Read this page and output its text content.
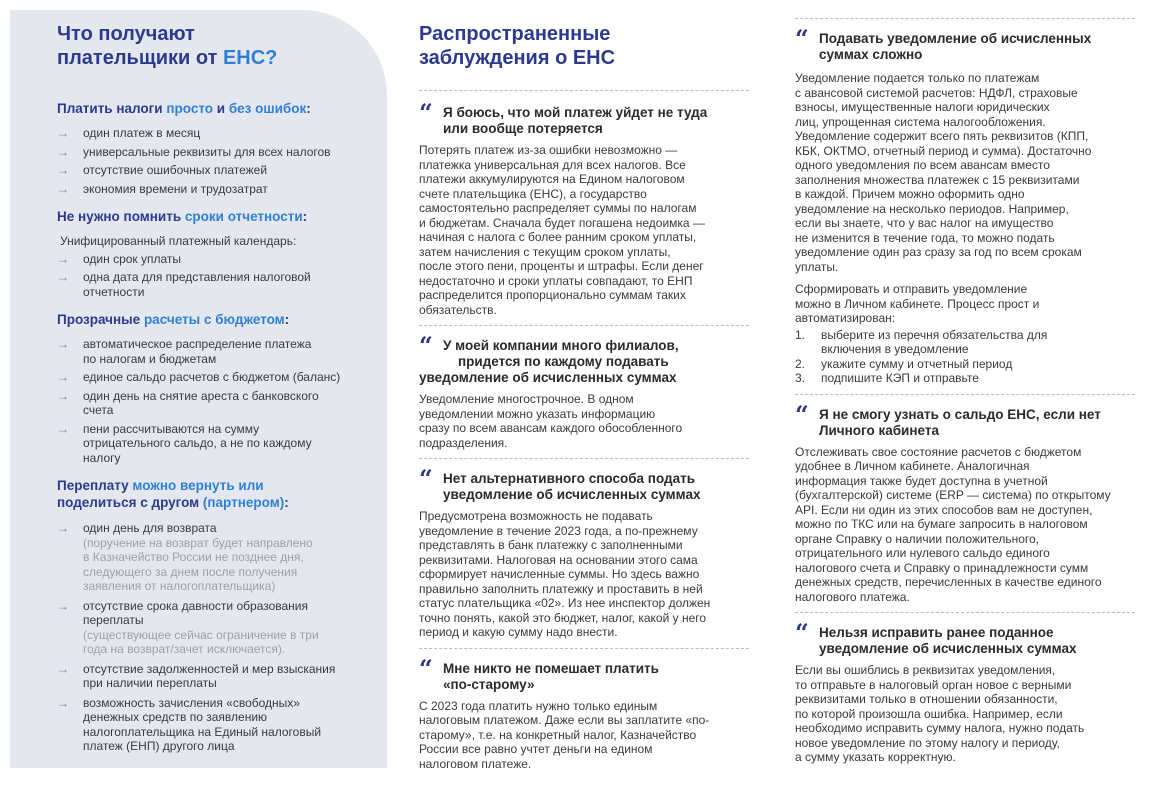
Что получают
плательщики от ЕНС?
Платить налоги просто и без ошибок:
→ один платеж в месяц
→ универсальные реквизиты для всех налогов
→ отсутствие ошибочных платежей
→ экономия времени и трудозатрат
Не нужно помнить сроки отчетности:
Унифицированный платежный календарь:
→ один срок уплаты
→ одна дата для представления налоговой
отчетности
Прозрачные расчеты с бюджетом:
→ автоматическое распределение платежа
по налогам и бюджетам
→ единое сальдо расчетов с бюджетом (баланс)
→ один день на снятие ареста с банковского
счета
→ пени рассчитываются на сумму
отрицательного сальдо, а не по каждому
налогу
Переплату можно вернуть или
поделиться с другом (партнером):
→ один день для возврата
(поручение на возврат будет направлено
в Казначейство России не позднее дня,
следующего за днем после получения
заявления от налогоплательщика)
→ отсутствие срока давности образования
переплаты
(существующее сейчас ограничение в три
года на возврат/зачет исключается).
→ отсутствие задолженностей и мер взыскания
при наличии переплаты
→ возможность зачисления «свободных»
денежных средств по заявлению
налогоплательщика на Единый налоговый
платеж (ЕНП) другого лица
Распространенные
заблуждения о ЕНС
“ Я боюсь, что мой платеж уйдет не туда
или вообще потеряется
Потерять платеж из-за ошибки невозможно —
платежка универсальная для всех налогов. Все
платежи аккумулируются на Едином налоговом
счете плательщика (ЕНС), а государство
самостоятельно распределяет суммы по налогам
и бюджетам. Сначала будет погашена недоимка —
начиная с налога с более ранним сроком уплаты,
затем начисления с текущим сроком уплаты,
после этого пени, проценты и штрафы. Если денег
недостаточно и сроки уплаты совпадают, то ЕНП
распределится пропорционально суммам таких
обязательств.
“ У моей компании много филиалов,
придется по каждому подавать
уведомление об исчисленных суммах
Уведомление многострочное. В одном
уведомлении можно указать информацию
сразу по всем авансам каждого обособленного
подразделения.
“ Нет альтернативного способа подать
уведомление об исчисленных суммах
Предусмотрена возможность не подавать
уведомление в течение 2023 года, а по-прежнему
представлять в банк платежку с заполненными
реквизитами. Налоговая на основании этого сама
сформирует начисленные суммы. Но здесь важно
правильно заполнить платежку и проставить в ней
статус плательщика «02». Из нее инспектор должен
точно понять, какой это бюджет, налог, какой у него
период и какую сумму надо внести.
“ Мне никто не помешает платить
«по-старому»
С 2023 года платить нужно только единым
налоговым платежом. Даже если вы заплатите «по-
старому», т.е. на конкретный налог, Казначейство
России все равно учтет деньги на едином
налоговом платеже.
“ Подавать уведомление об исчисленных
суммах сложно
Уведомление подается только по платежам
с авансовой системой расчетов: НДФЛ, страховые
взносы, имущественные налоги юридических
лиц, упрощенная система налогообложения.
Уведомление содержит всего пять реквизитов (КПП,
КБК, ОКТМО, отчетный период и сумма). Достаточно
одного уведомления по всем авансам вместо
заполнения множества платежек с 15 реквизитами
в каждой. Причем можно оформить одно
уведомление на несколько периодов. Например,
если вы знаете, что у вас налог на имущество
не изменится в течение года, то можно подать
уведомление один раз сразу за год по всем срокам
уплаты.
Сформировать и отправить уведомление
можно в Личном кабинете. Процесс прост и
автоматизирован:
1. выберите из перечня обязательства для
включения в уведомление
2. укажите сумму и отчетный период
3. подпишите КЭП и отправьте
“ Я не смогу узнать о сальдо ЕНС, если нет
Личного кабинета
Отслеживать свое состояние расчетов с бюджетом
удобнее в Личном кабинете. Аналогичная
информация также будет доступна в учетной
(бухгалтерской) системе (ERP — система) по открытому
API. Если ни один из этих способов вам не доступен,
можно по ТКС или на бумаге запросить в налоговом
органе Справку о наличии положительного,
отрицательного или нулевого сальдо единого
налогового счета и Справку о принадлежности сумм
денежных средств, перечисленных в качестве единого
налогового платежа.
“ Нельзя исправить ранее поданное
уведомление об исчисленных суммах
Если вы ошиблись в реквизитах уведомления,
то отправьте в налоговый орган новое с верными
реквизитами только в отношении обязанности,
по которой произошла ошибка. Например, если
необходимо исправить сумму налога, нужно подать
новое уведомление по этому налогу и периоду,
а сумму указать корректную.
